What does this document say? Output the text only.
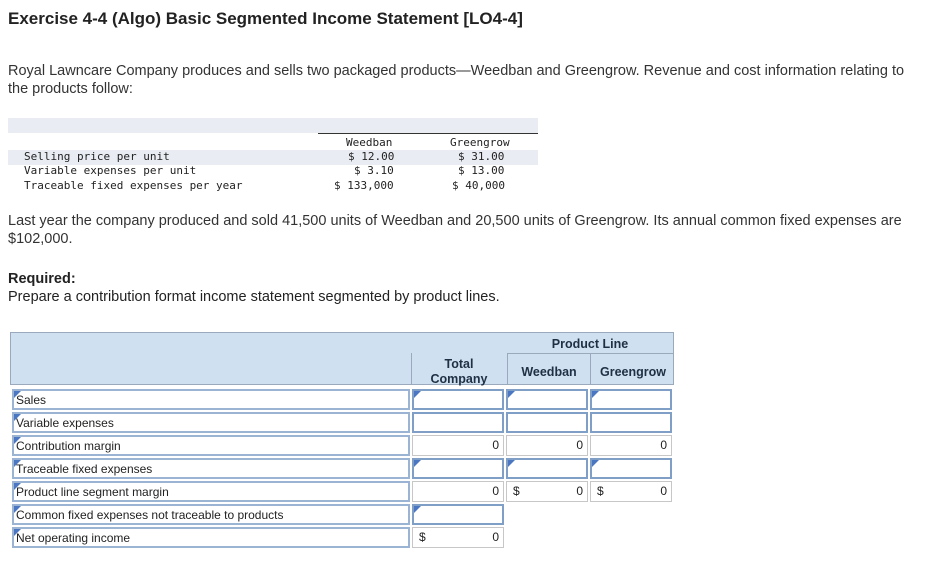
Exercise 4-4 (Algo) Basic Segmented Income Statement [LO4-4]
Royal Lawncare Company produces and sells two packaged products—Weedban and Greengrow. Revenue and cost information relating to the products follow:
Weedban	Greengrow
Selling price per unit	$ 12.00	$ 31.00
Variable expenses per unit	$ 3.10	$ 13.00
Traceable fixed expenses per year	$ 133,000	$ 40,000
Last year the company produced and sold 41,500 units of Weedban and 20,500 units of Greengrow. Its annual common fixed expenses are $102,000.
Required:
Prepare a contribution format income statement segmented by product lines.
Product Line
Total Company	Weedban	Greengrow
Sales
Variable expenses
Contribution margin	0	0	0
Traceable fixed expenses
Product line segment margin	0	$	0	$	0
Common fixed expenses not traceable to products
Net operating income	$	0
